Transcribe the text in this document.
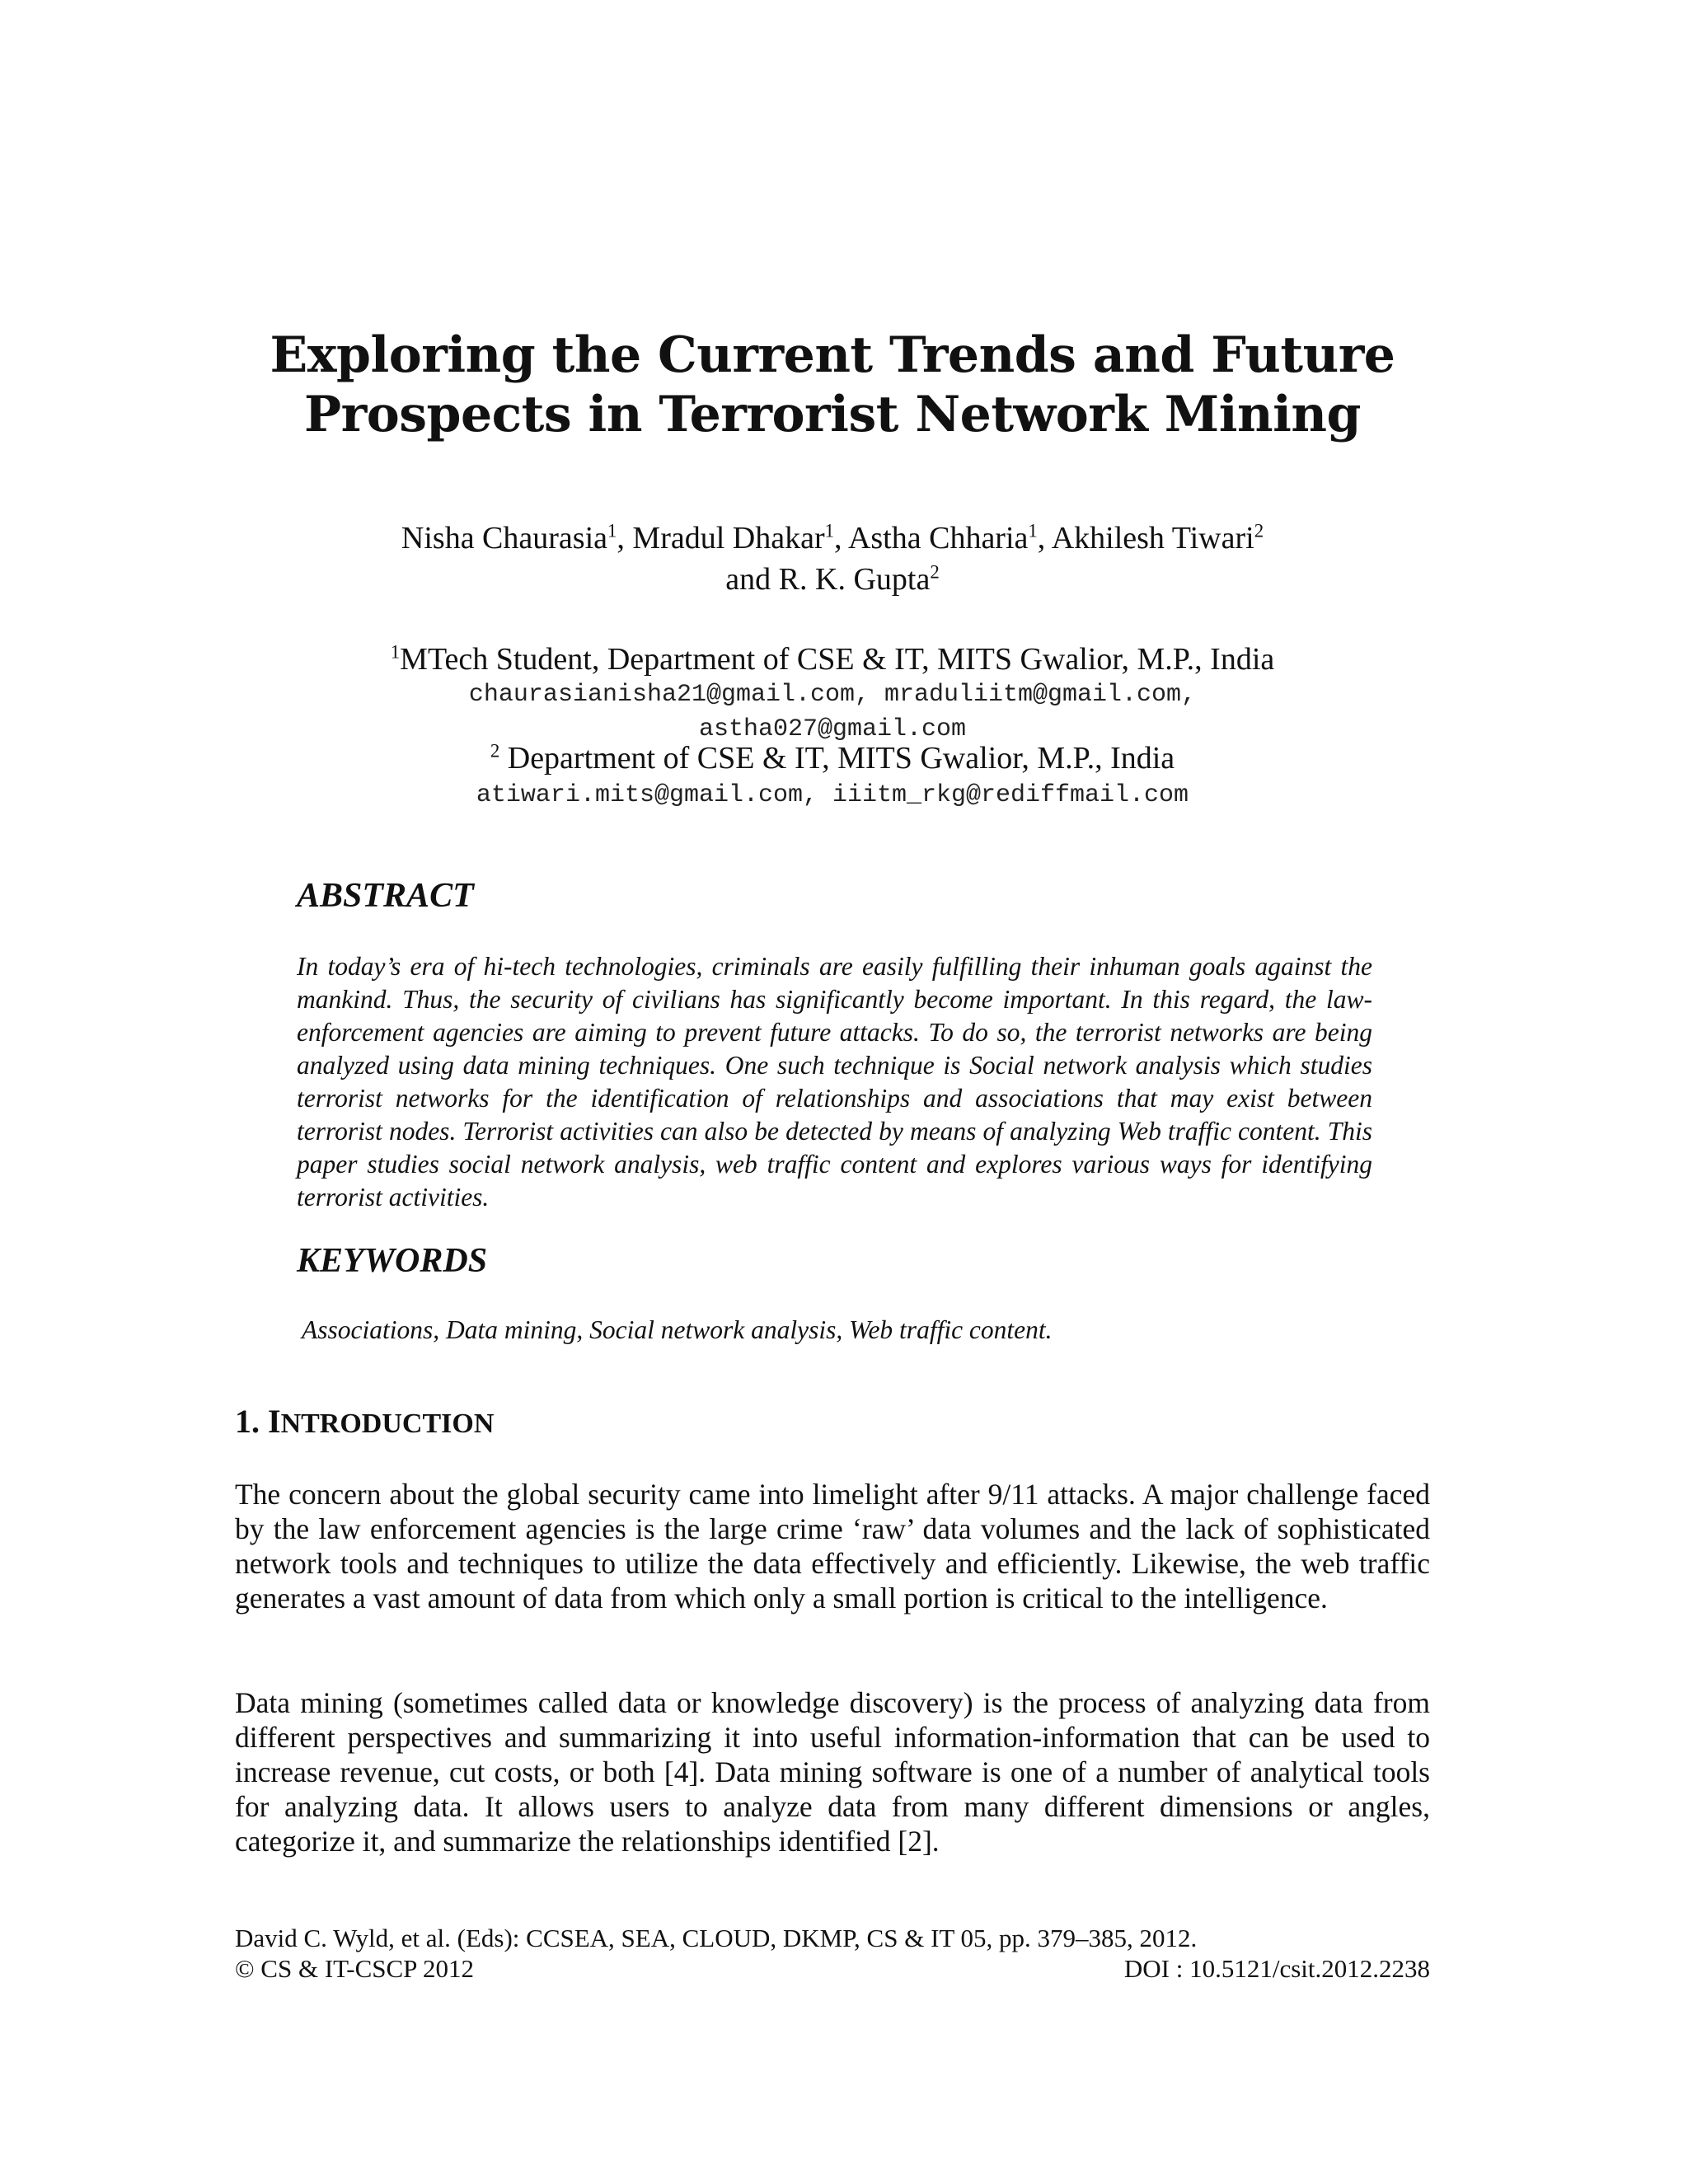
Exploring the Current Trends and Future
Prospects in Terrorist Network Mining

Nisha Chaurasia$^1$, Mradul Dhakar$^1$, Astha Chharia$^1$, Akhilesh Tiwari$^2$
and R. K. Gupta$^2$

$^1$MTech Student, Department of CSE & IT, MITS Gwalior, M.P., India

chaurasianisha21@gmail.com, mraduliitm@gmail.com,
astha027@gmail.com

$^2$ Department of CSE & IT, MITS Gwalior, M.P., India

atiwari.mits@gmail.com, iiitm_rkg@rediffmail.com

ABSTRACT

In today’s era of hi-tech technologies, criminals are easily fulfilling their inhuman goals against the mankind. Thus, the security of civilians has significantly become important. In this regard, the law-enforcement agencies are aiming to prevent future attacks. To do so, the terrorist networks are being analyzed using data mining techniques. One such technique is Social network analysis which studies terrorist networks for the identification of relationships and associations that may exist between terrorist nodes. Terrorist activities can also be detected by means of analyzing Web traffic content. This paper studies social network analysis, web traffic content and explores various ways for identifying terrorist activities.

KEYWORDS

Associations, Data mining, Social network analysis, Web traffic content.

1. INTRODUCTION

The concern about the global security came into limelight after 9/11 attacks. A major challenge faced by the law enforcement agencies is the large crime ‘raw’ data volumes and the lack of sophisticated network tools and techniques to utilize the data effectively and efficiently. Likewise, the web traffic generates a vast amount of data from which only a small portion is critical to the intelligence.

Data mining (sometimes called data or knowledge discovery) is the process of analyzing data from different perspectives and summarizing it into useful information-information that can be used to increase revenue, cut costs, or both [4]. Data mining software is one of a number of analytical tools for analyzing data. It allows users to analyze data from many different dimensions or angles, categorize it, and summarize the relationships identified [2].

David C. Wyld, et al. (Eds): CCSEA, SEA, CLOUD, DKMP, CS & IT 05, pp. 379–385, 2012.

© CS & IT-CSCP 2012	DOI : 10.5121/csit.2012.2238
